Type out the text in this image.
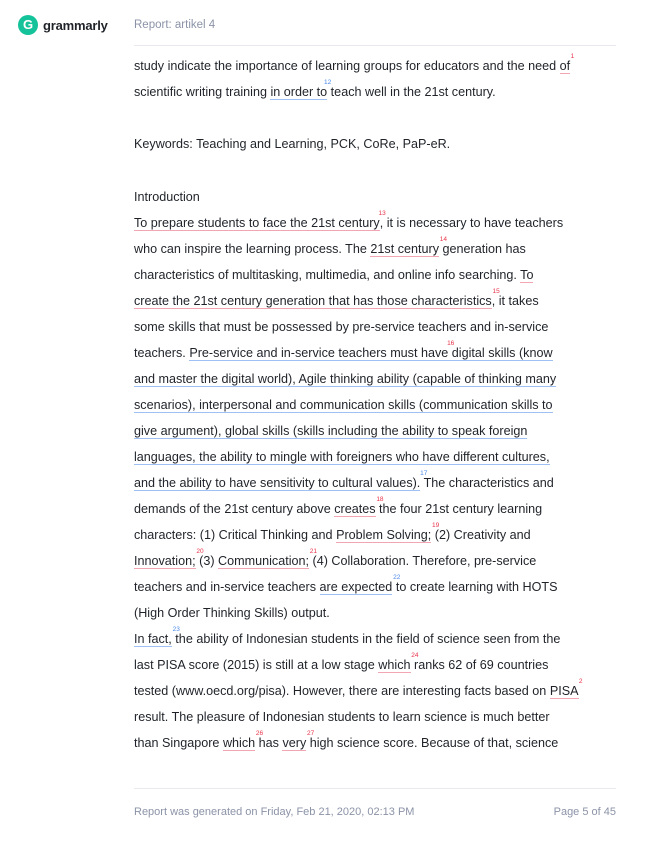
G grammarly Report: artikel 4
study indicate the importance of learning groups for educators and the need of
1
scientific writing training in order to
12
teach well in the 21st century.
Keywords: Teaching and Learning, PCK, CoRe, PaP-eR.
Introduction
To prepare students to face the 21st century
13
, it is necessary to have teachers
who can inspire the learning process. The 21st century
14
generation has
characteristics of multitasking, multimedia, and online info searching. To
create the 21st century generation that has those characteristics
15
, it takes
some skills that must be possessed by pre-service teachers and in-service
teachers. Pre-service and in-service teachers must have
16
digital skills (know
and master the digital world), Agile thinking ability (capable of thinking many
scenarios), interpersonal and communication skills (communication skills to
give argument), global skills (skills including the ability to speak foreign
languages, the ability to mingle with foreigners who have different cultures,
and the ability to have sensitivity to cultural values).
17
The characteristics and
demands of the 21st century above creates
18
the four 21st century learning
characters: (1) Critical Thinking and Problem Solving;
19
(2) Creativity and
Innovation;
20
(3) Communication;
21
(4) Collaboration. Therefore, pre-service
teachers and in-service teachers are expected
22
to create learning with HOTS
(High Order Thinking Skills) output.
In fact,
23
the ability of Indonesian students in the field of science seen from the
last PISA score (2015) is still at a low stage which
24
ranks 62 of 69 countries
tested (www.oecd.org/pisa). However, there are interesting facts based on PISA
2
result. The pleasure of Indonesian students to learn science is much better
than Singapore which
26
has very
27
high science score. Because of that, science
Report was generated on Friday, Feb 21, 2020, 02:13 PM	Page 5 of 45
